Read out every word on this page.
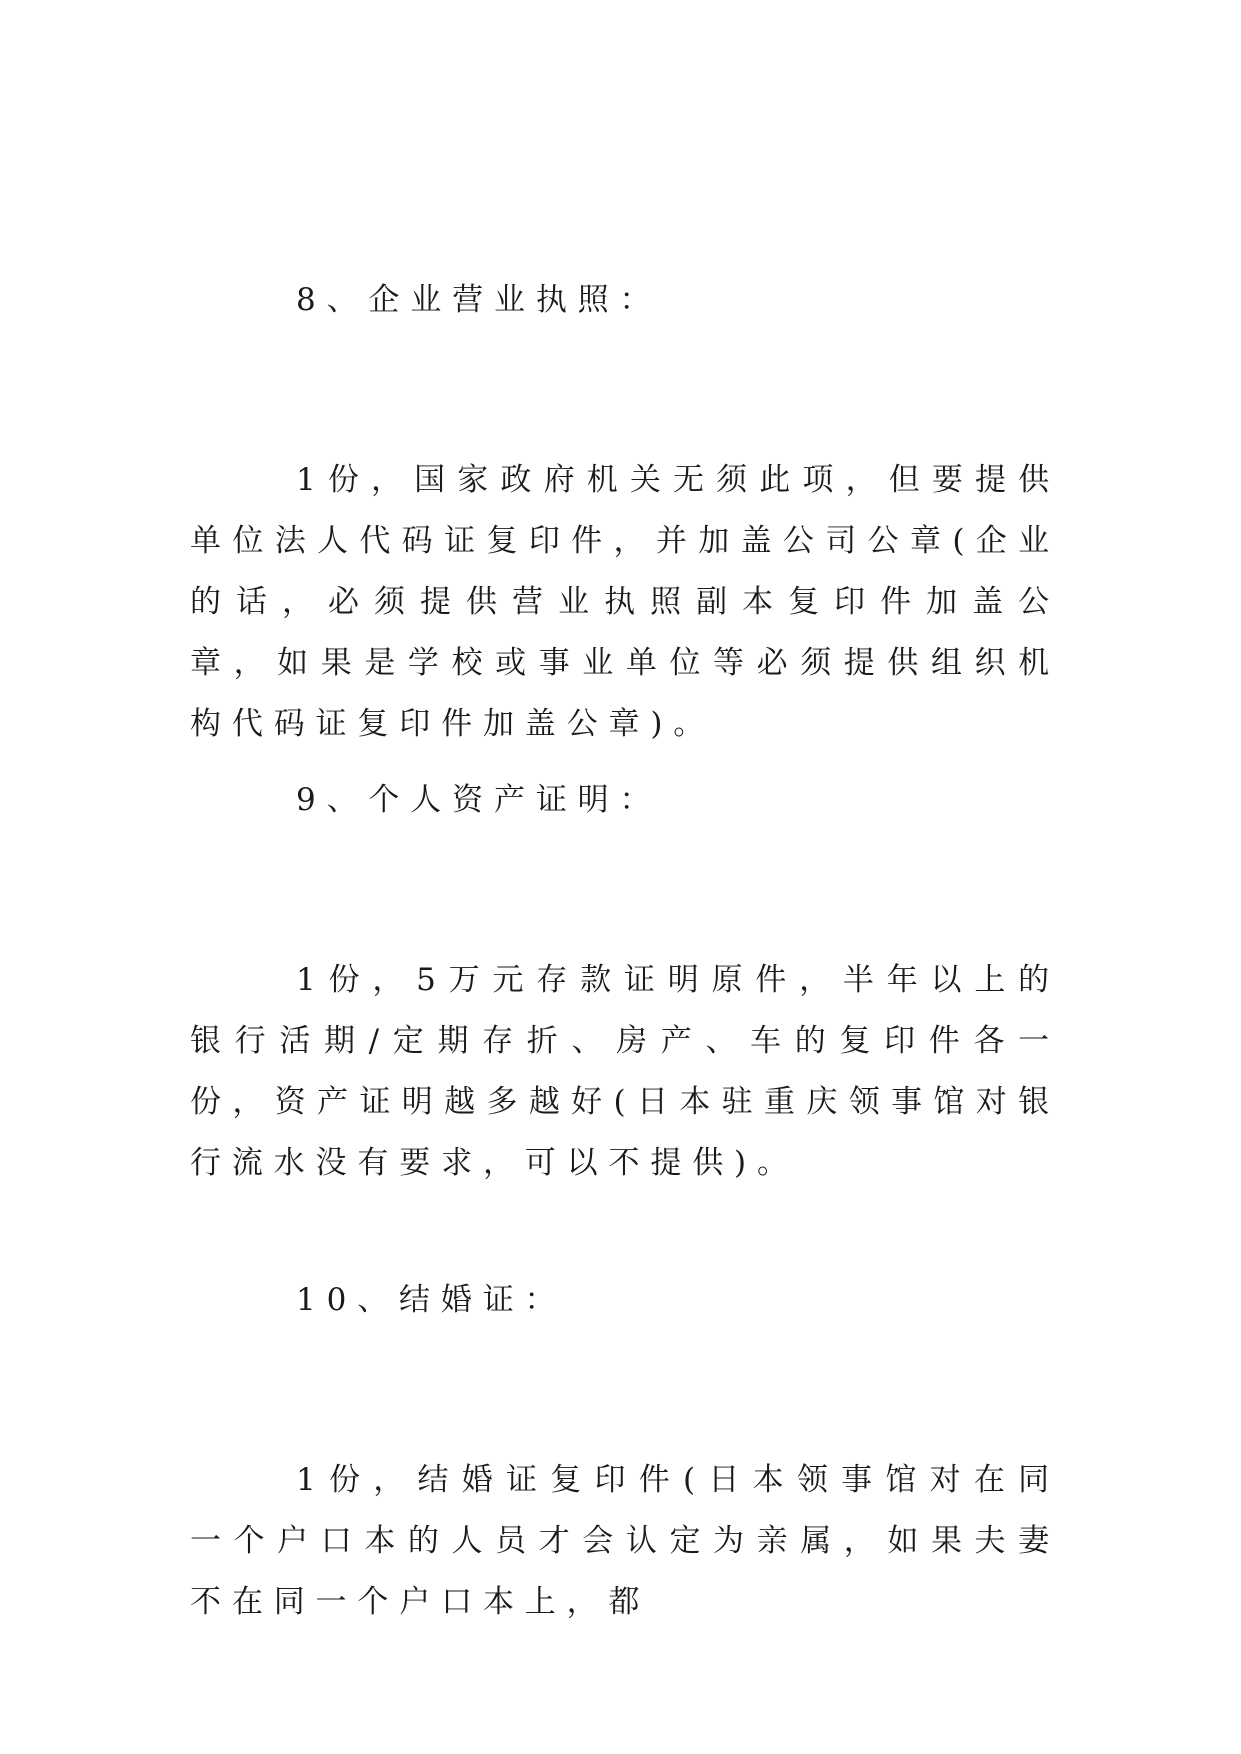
8、企业营业执照：
1份，国家政府机关无须此项，但要提供单位法人代码证复印件，并加盖公司公章(企业的话，必须提供营业执照副本复印件加盖公章，如果是学校或事业单位等必须提供组织机构代码证复印件加盖公章)。
9、个人资产证明：
1份，5万元存款证明原件，半年以上的银行活期/定期存折、房产、车的复印件各一份，资产证明越多越好(日本驻重庆领事馆对银行流水没有要求，可以不提供)。
10、结婚证：
1份，结婚证复印件(日本领事馆对在同一个户口本的人员才会认定为亲属，如果夫妻不在同一个户口本上，都
